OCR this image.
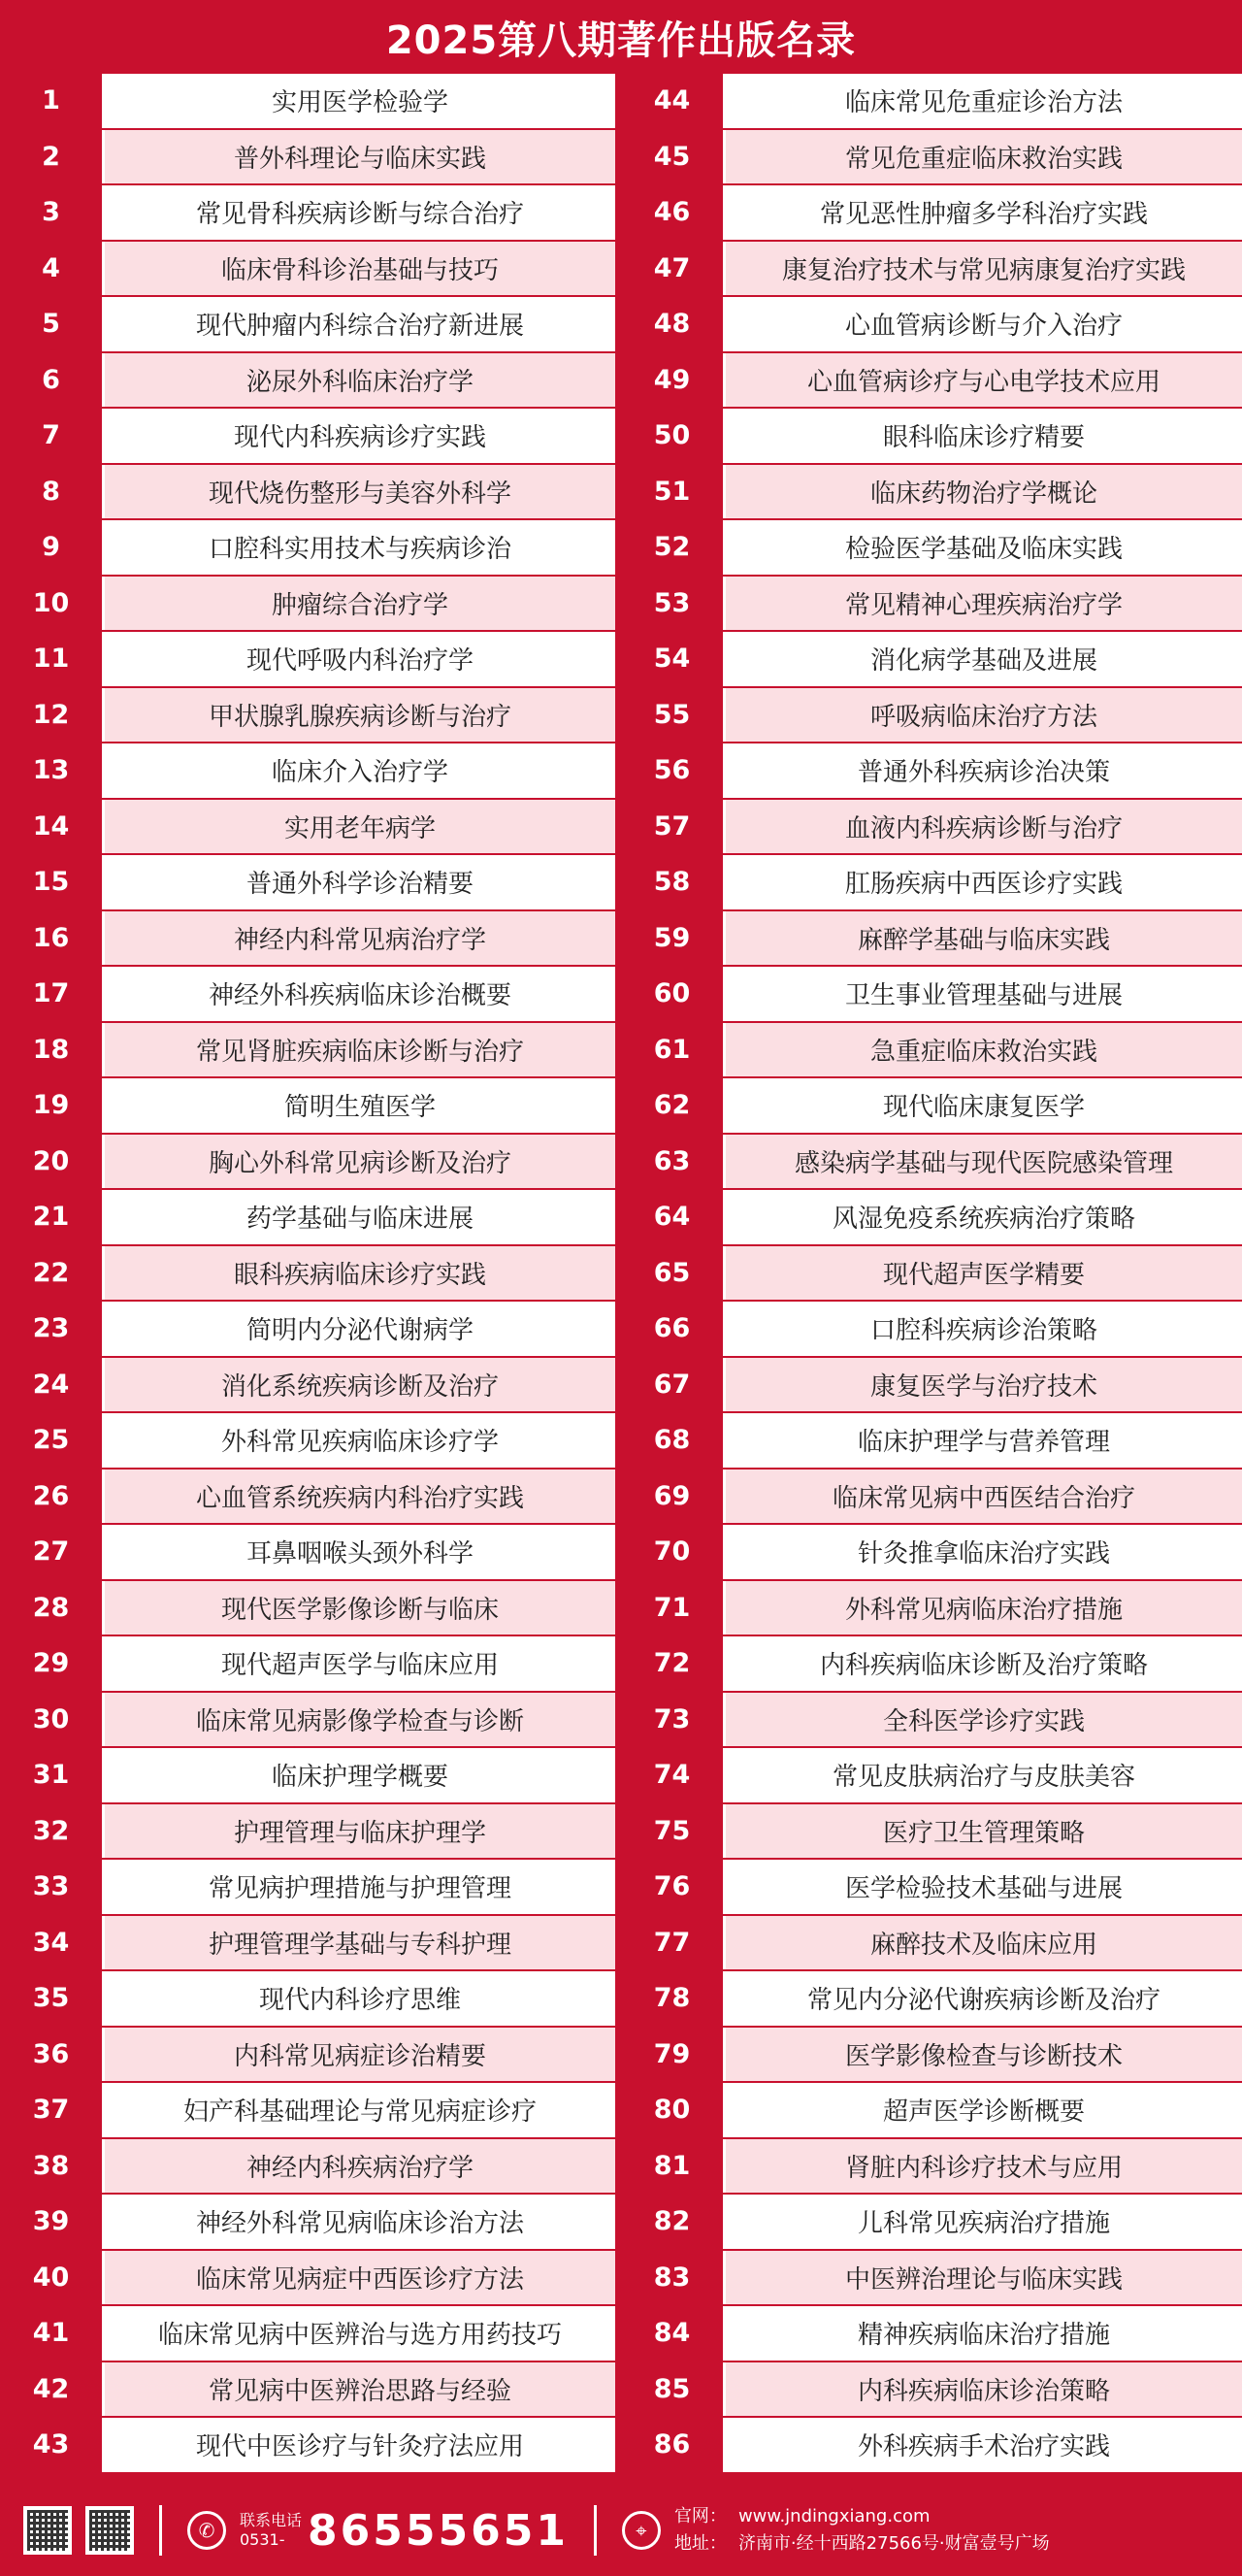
2025第八期著作出版名录
1	实用医学检验学
2	普外科理论与临床实践
3	常见骨科疾病诊断与综合治疗
4	临床骨科诊治基础与技巧
5	现代肿瘤内科综合治疗新进展
6	泌尿外科临床治疗学
7	现代内科疾病诊疗实践
8	现代烧伤整形与美容外科学
9	口腔科实用技术与疾病诊治
10	肿瘤综合治疗学
11	现代呼吸内科治疗学
12	甲状腺乳腺疾病诊断与治疗
13	临床介入治疗学
14	实用老年病学
15	普通外科学诊治精要
16	神经内科常见病治疗学
17	神经外科疾病临床诊治概要
18	常见肾脏疾病临床诊断与治疗
19	简明生殖医学
20	胸心外科常见病诊断及治疗
21	药学基础与临床进展
22	眼科疾病临床诊疗实践
23	简明内分泌代谢病学
24	消化系统疾病诊断及治疗
25	外科常见疾病临床诊疗学
26	心血管系统疾病内科治疗实践
27	耳鼻咽喉头颈外科学
28	现代医学影像诊断与临床
29	现代超声医学与临床应用
30	临床常见病影像学检查与诊断
31	临床护理学概要
32	护理管理与临床护理学
33	常见病护理措施与护理管理
34	护理管理学基础与专科护理
35	现代内科诊疗思维
36	内科常见病症诊治精要
37	妇产科基础理论与常见病症诊疗
38	神经内科疾病治疗学
39	神经外科常见病临床诊治方法
40	临床常见病症中西医诊疗方法
41	临床常见病中医辨治与选方用药技巧
42	常见病中医辨治思路与经验
43	现代中医诊疗与针灸疗法应用
44	临床常见危重症诊治方法
45	常见危重症临床救治实践
46	常见恶性肿瘤多学科治疗实践
47	康复治疗技术与常见病康复治疗实践
48	心血管病诊断与介入治疗
49	心血管病诊疗与心电学技术应用
50	眼科临床诊疗精要
51	临床药物治疗学概论
52	检验医学基础及临床实践
53	常见精神心理疾病治疗学
54	消化病学基础及进展
55	呼吸病临床治疗方法
56	普通外科疾病诊治决策
57	血液内科疾病诊断与治疗
58	肛肠疾病中西医诊疗实践
59	麻醉学基础与临床实践
60	卫生事业管理基础与进展
61	急重症临床救治实践
62	现代临床康复医学
63	感染病学基础与现代医院感染管理
64	风湿免疫系统疾病治疗策略
65	现代超声医学精要
66	口腔科疾病诊治策略
67	康复医学与治疗技术
68	临床护理学与营养管理
69	临床常见病中西医结合治疗
70	针灸推拿临床治疗实践
71	外科常见病临床治疗措施
72	内科疾病临床诊断及治疗策略
73	全科医学诊疗实践
74	常见皮肤病治疗与皮肤美容
75	医疗卫生管理策略
76	医学检验技术基础与进展
77	麻醉技术及临床应用
78	常见内分泌代谢疾病诊断及治疗
79	医学影像检查与诊断技术
80	超声医学诊断概要
81	肾脏内科诊疗技术与应用
82	儿科常见疾病治疗措施
83	中医辨治理论与临床实践
84	精神疾病临床治疗措施
85	内科疾病临床诊治策略
86	外科疾病手术治疗实践
✆	联系电话
0531- 86555651	⌖
官网： www.jndingxiang.com
地址： 济南市·经十西路27566号·财富壹号广场
